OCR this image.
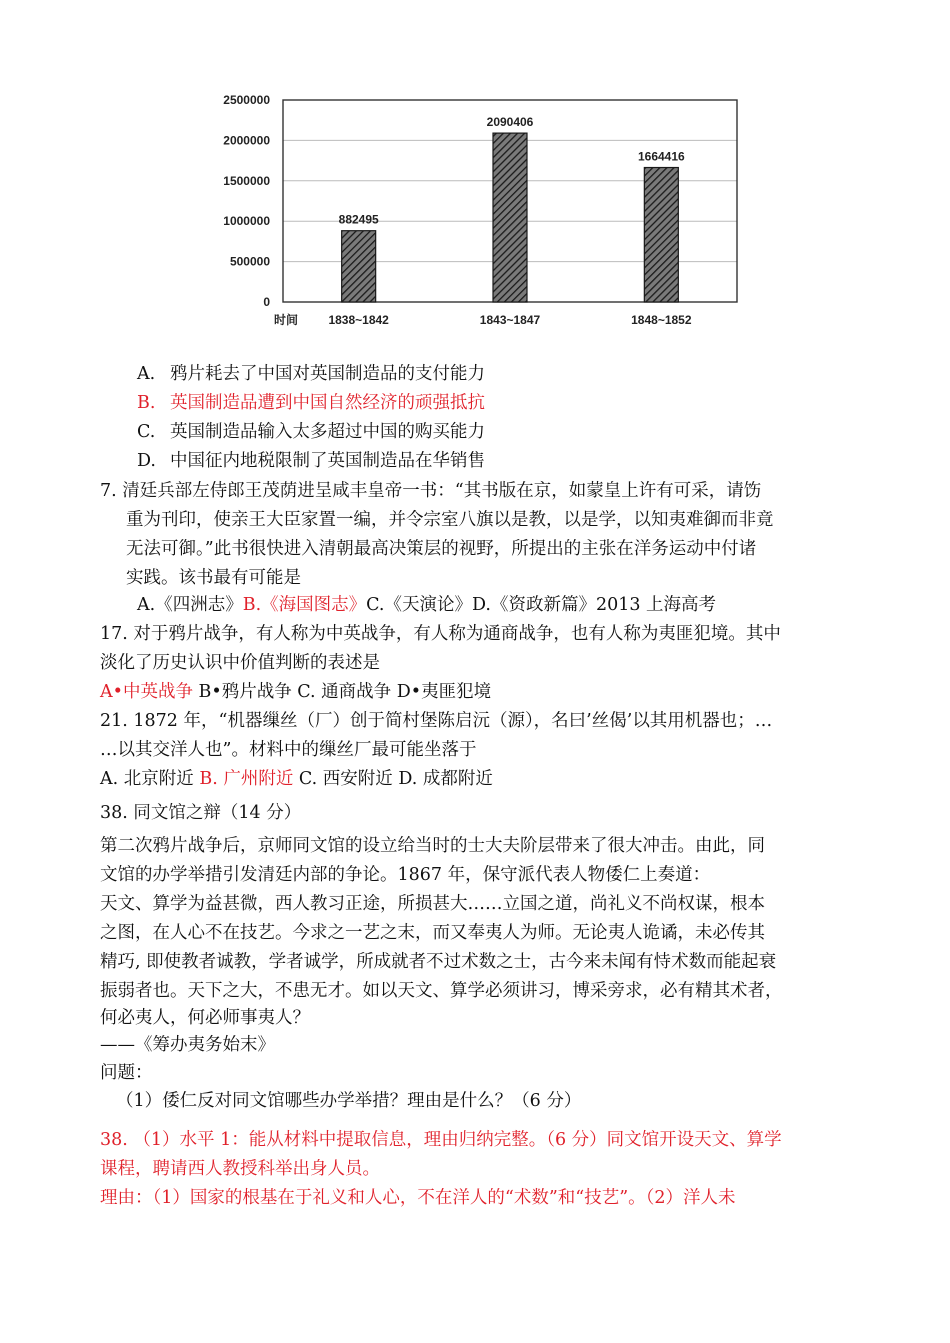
0
500000
1000000
1500000
2000000
2500000
882495
1838~1842
2090406
1843~1847
1664416
1848~1852
时间
A. 鸦片耗去了中国对英国制造品的支付能力
B. 英国制造品遭到中国自然经济的顽强抵抗
C. 英国制造品输入太多超过中国的购买能力
D. 中国征内地税限制了英国制造品在华销售
7. 清廷兵部左侍郎王茂荫进呈咸丰皇帝一书：“其书版在京，如蒙皇上许有可采，请饬
重为刊印，使亲王大臣家置一编，并令宗室八旗以是教，以是学，以知夷难御而非竟
无法可御。”此书很快进入清朝最高决策层的视野，所提出的主张在洋务运动中付诸
实践。该书最有可能是
A.《四洲志》B.《海国图志》C.《天演论》D.《资政新篇》2013 上海高考
17. 对于鸦片战争，有人称为中英战争，有人称为通商战争，也有人称为夷匪犯境。其中
淡化了历史认识中价值判断的表述是
A•中英战争 B•鸦片战争 C. 通商战争 D•夷匪犯境
21. 1872 年，“机器缫丝（厂）创于简村堡陈启沅（源），名曰’丝偈’以其用机器也；…
…以其交洋人也”。材料中的缫丝厂最可能坐落于
A. 北京附近 B. 广州附近 C. 西安附近 D. 成都附近
38. 同文馆之辩（14 分）
第二次鸦片战争后，京师同文馆的设立给当时的士大夫阶层带来了很大冲击。由此，同
文馆的办学举措引发清廷内部的争论。1867 年，保守派代表人物倭仁上奏道：
天文、算学为益甚微，西人教习正途，所损甚大……立国之道，尚礼义不尚权谋，根本
之图，在人心不在技艺。今求之一艺之末，而又奉夷人为师。无论夷人诡谲，未必传其
精巧, 即使教者诚教，学者诚学，所成就者不过术数之士，古今来未闻有恃术数而能起衰
振弱者也。天下之大，不患无才。如以天文、算学必须讲习，博采旁求，必有精其术者，
何必夷人，何必师事夷人？
——《筹办夷务始末》
问题：
（1）倭仁反对同文馆哪些办学举措？理由是什么？（6 分）
38. （1）水平 1：能从材料中提取信息，理由归纳完整。（6 分）同文馆开设天文、算学
课程，聘请西人教授科举出身人员。
理由：（1）国家的根基在于礼义和人心，不在洋人的“术数”和“技艺”。（2）洋人未
